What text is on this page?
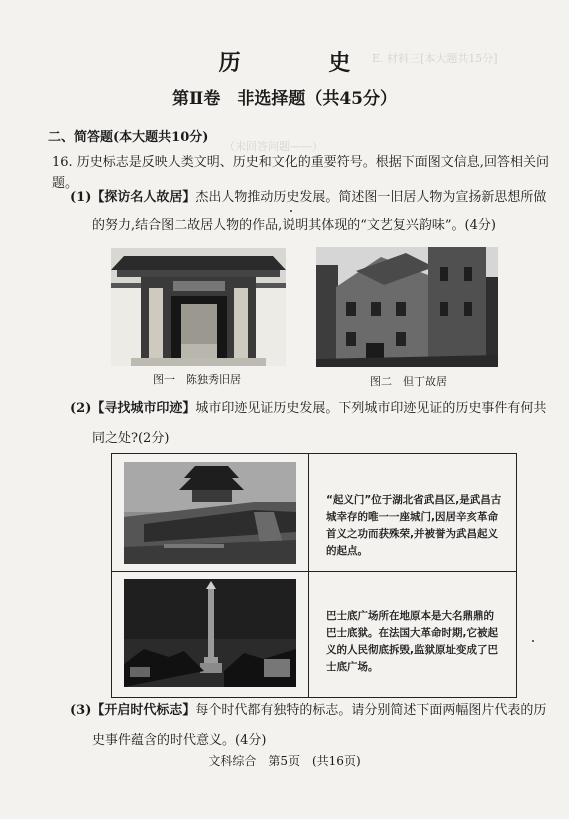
E. 材料三[本大题共15分]
（未回答问题——）
历 史
第Ⅱ卷　非选择题（共45分）
二、简答题(本大题共10分)
16. 历史标志是反映人类文明、历史和文化的重要符号。根据下面图文信息,回答相关问题。
(1)【探访名人故居】杰出人物推动历史发展。简述图一旧居人物为宣扬新思想所做
的努力,结合图二故居人物的作品,说明其体现的“文艺复兴韵味”。(4分)
图一　陈独秀旧居	图二　但丁故居
(2)【寻找城市印迹】城市印迹见证历史发展。下列城市印迹见证的历史事件有何共
同之处?(2分)
“起义门”位于湖北省武昌区,是武昌古城幸存的唯一一座城门,因居辛亥革命首义之功而获殊荣,并被誉为武昌起义的起点。
巴士底广场所在地原本是大名鼎鼎的巴士底狱。在法国大革命时期,它被起义的人民彻底拆毁,监狱原址变成了巴士底广场。
(3)【开启时代标志】每个时代都有独特的标志。请分别简述下面两幅图片代表的历
史事件蕴含的时代意义。(4分)
文科综合　第5页　(共16页)
